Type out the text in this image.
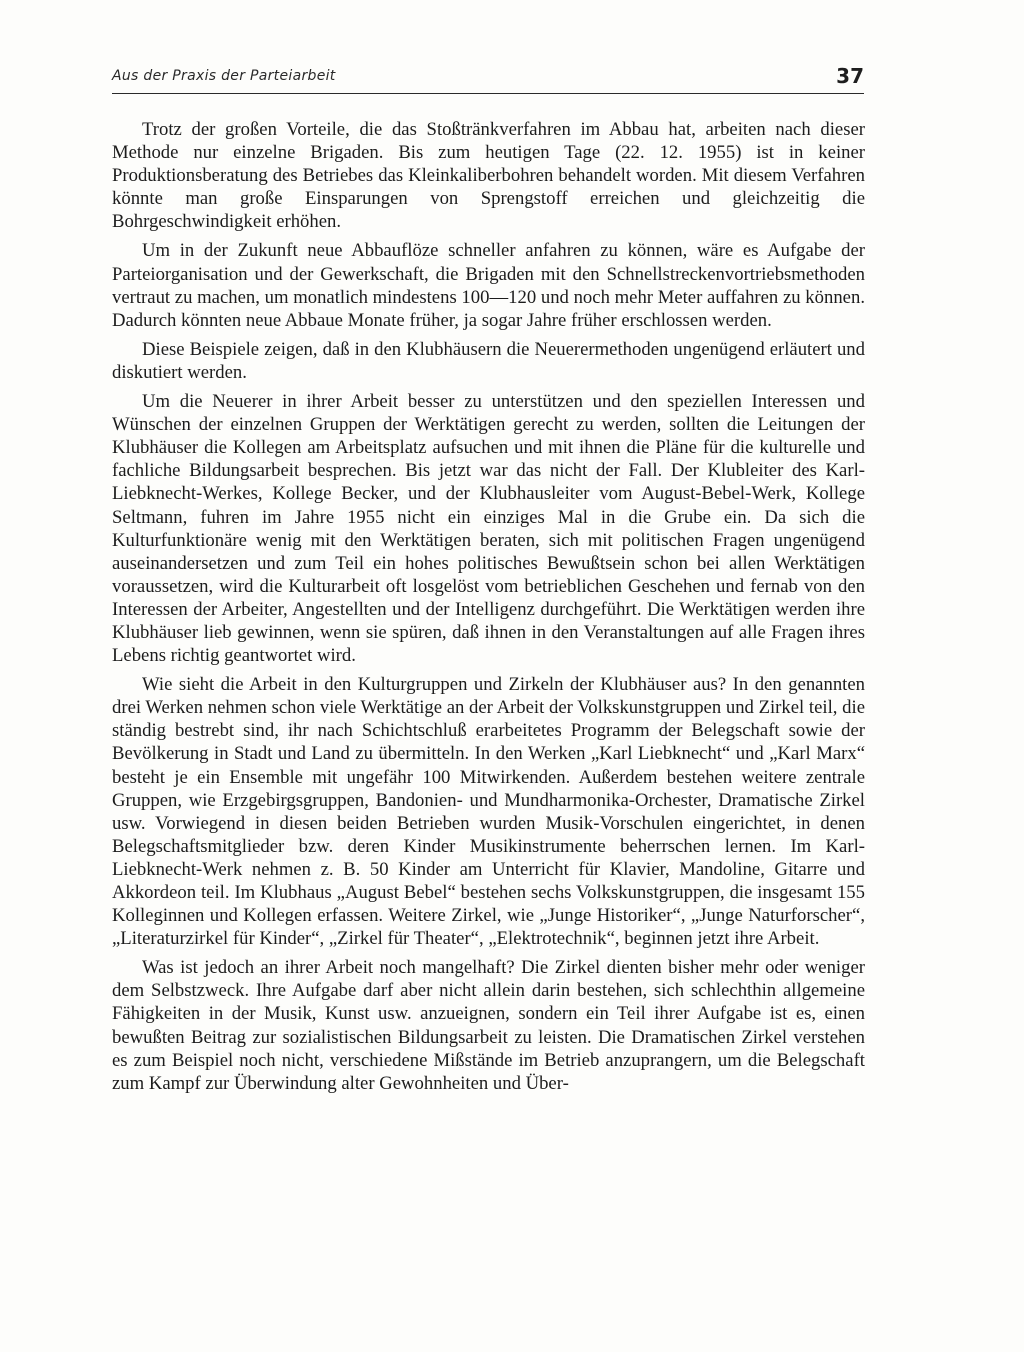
Aus der Praxis der Parteiarbeit	37

Trotz der großen Vorteile, die das Stoßtränkverfahren im Abbau hat, arbeiten nach dieser Methode nur einzelne Brigaden. Bis zum heutigen Tage (22. 12. 1955) ist in keiner Produktionsberatung des Betriebes das Kleinkaliberbohren behandelt worden. Mit diesem Verfahren könnte man große Einsparungen von Sprengstoff erreichen und gleichzeitig die Bohrgeschwindigkeit erhöhen.

Um in der Zukunft neue Abbauflöze schneller anfahren zu können, wäre es Aufgabe der Parteiorganisation und der Gewerkschaft, die Brigaden mit den Schnellstreckenvortriebsmethoden vertraut zu machen, um monatlich mindestens 100—120 und noch mehr Meter auffahren zu können. Dadurch könnten neue Abbaue Monate früher, ja sogar Jahre früher erschlossen werden.

Diese Beispiele zeigen, daß in den Klubhäusern die Neuerermethoden ungenügend erläutert und diskutiert werden.

Um die Neuerer in ihrer Arbeit besser zu unterstützen und den speziellen Interessen und Wünschen der einzelnen Gruppen der Werktätigen gerecht zu werden, sollten die Leitungen der Klubhäuser die Kollegen am Arbeitsplatz aufsuchen und mit ihnen die Pläne für die kulturelle und fachliche Bildungsarbeit besprechen. Bis jetzt war das nicht der Fall. Der Klubleiter des Karl-Liebknecht-Werkes, Kollege Becker, und der Klubhausleiter vom August-Bebel-Werk, Kollege Seltmann, fuhren im Jahre 1955 nicht ein einziges Mal in die Grube ein. Da sich die Kulturfunktionäre wenig mit den Werktätigen beraten, sich mit politischen Fragen ungenügend auseinandersetzen und zum Teil ein hohes politisches Bewußtsein schon bei allen Werktätigen voraussetzen, wird die Kulturarbeit oft losgelöst vom betrieblichen Geschehen und fernab von den Interessen der Arbeiter, Angestellten und der Intelligenz durchgeführt. Die Werktätigen werden ihre Klubhäuser lieb gewinnen, wenn sie spüren, daß ihnen in den Veranstaltungen auf alle Fragen ihres Lebens richtig geantwortet wird.

Wie sieht die Arbeit in den Kulturgruppen und Zirkeln der Klubhäuser aus? In den genannten drei Werken nehmen schon viele Werktätige an der Arbeit der Volkskunstgruppen und Zirkel teil, die ständig bestrebt sind, ihr nach Schichtschluß erarbeitetes Programm der Belegschaft sowie der Bevölkerung in Stadt und Land zu übermitteln. In den Werken „Karl Liebknecht“ und „Karl Marx“ besteht je ein Ensemble mit ungefähr 100 Mitwirkenden. Außerdem bestehen weitere zentrale Gruppen, wie Erzgebirgsgruppen, Bandonien- und Mundharmonika-Orchester, Dramatische Zirkel usw. Vorwiegend in diesen beiden Betrieben wurden Musik-Vorschulen eingerichtet, in denen Belegschaftsmitglieder bzw. deren Kinder Musikinstrumente beherrschen lernen. Im Karl-Liebknecht-Werk nehmen z. B. 50 Kinder am Unterricht für Klavier, Mandoline, Gitarre und Akkordeon teil. Im Klubhaus „August Bebel“ bestehen sechs Volkskunstgruppen, die insgesamt 155 Kolleginnen und Kollegen erfassen. Weitere Zirkel, wie „Junge Historiker“, „Junge Naturforscher“, „Literaturzirkel für Kinder“, „Zirkel für Theater“, „Elektrotechnik“, beginnen jetzt ihre Arbeit.

Was ist jedoch an ihrer Arbeit noch mangelhaft? Die Zirkel dienten bisher mehr oder weniger dem Selbstzweck. Ihre Aufgabe darf aber nicht allein darin bestehen, sich schlechthin allgemeine Fähigkeiten in der Musik, Kunst usw. anzueignen, sondern ein Teil ihrer Aufgabe ist es, einen bewußten Beitrag zur sozialistischen Bildungsarbeit zu leisten. Die Dramatischen Zirkel verstehen es zum Beispiel noch nicht, verschiedene Mißstände im Betrieb anzuprangern, um die Belegschaft zum Kampf zur Überwindung alter Gewohnheiten und Über-
